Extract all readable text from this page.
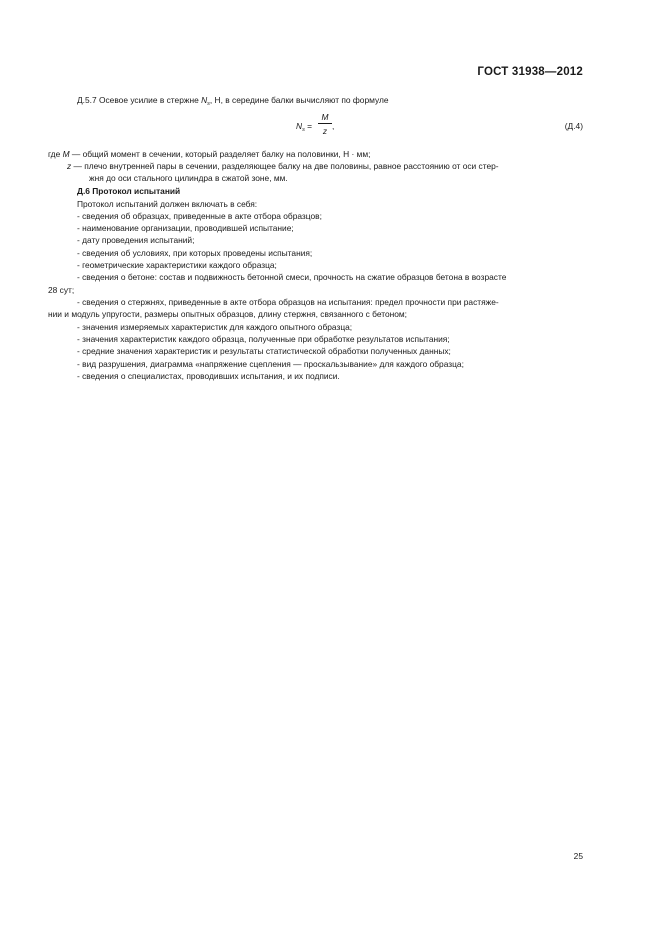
ГОСТ 31938—2012
Д.5.7 Осевое усилие в стержне $N_s$, Н, в середине балки вычисляют по формуле
$N_s$ =
M
z ,	(Д.4)
где M — общий момент в сечении, который разделяет балку на половинки, Н · мм;
z — плечо внутренней пары в сечении, разделяющее балку на две половины, равное расстоянию от оси стер-
жня до оси стального цилиндра в сжатой зоне, мм.
Д.6 Протокол испытаний
Протокол испытаний должен включать в себя:
- сведения об образцах, приведенные в акте отбора образцов;
- наименование организации, проводившей испытание;
- дату проведения испытаний;
- сведения об условиях, при которых проведены испытания;
- геометрические характеристики каждого образца;
- сведения о бетоне: состав и подвижность бетонной смеси, прочность на сжатие образцов бетона в возрасте
28 сут;
- сведения о стержнях, приведенные в акте отбора образцов на испытания: предел прочности при растяже-
нии и модуль упругости, размеры опытных образцов, длину стержня, связанного с бетоном;
- значения измеряемых характеристик для каждого опытного образца;
- значения характеристик каждого образца, полученные при обработке результатов испытания;
- средние значения характеристик и результаты статистической обработки полученных данных;
- вид разрушения, диаграмма «напряжение сцепления — проскальзывание» для каждого образца;
- сведения о специалистах, проводивших испытания, и их подписи.
25
